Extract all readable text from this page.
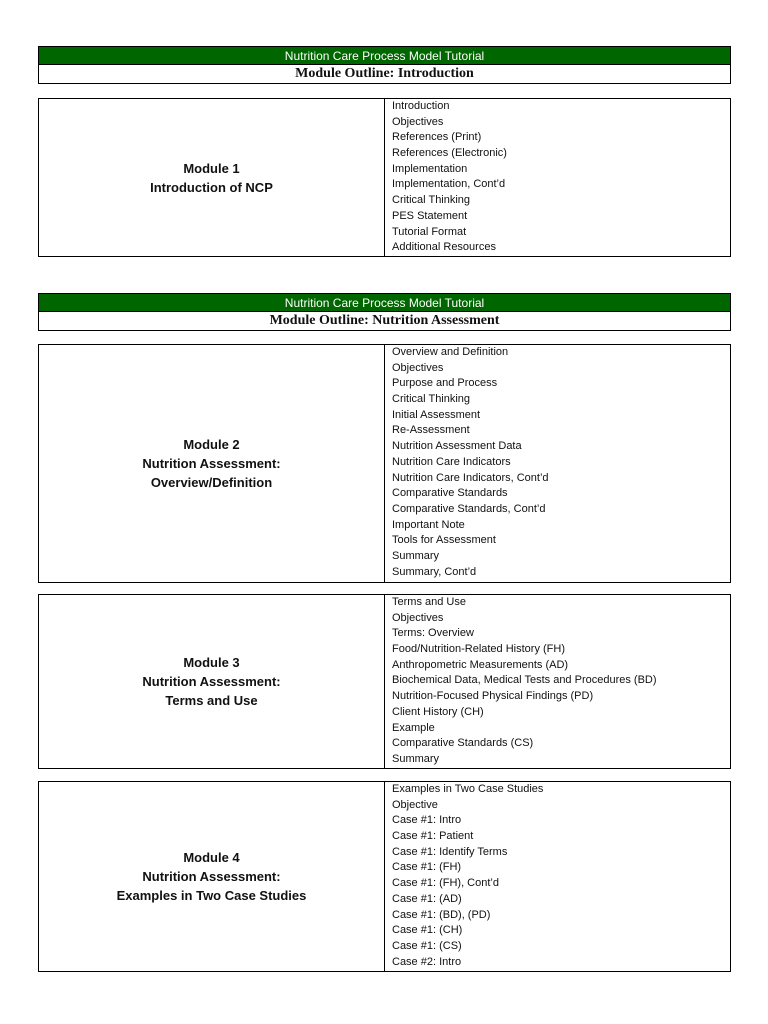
Nutrition Care Process Model Tutorial
Module Outline: Introduction
Module 1
Introduction of NCP
Introduction
Objectives
References (Print)
References (Electronic)
Implementation
Implementation, Cont’d
Critical Thinking
PES Statement
Tutorial Format
Additional Resources
Nutrition Care Process Model Tutorial
Module Outline: Nutrition Assessment
Module 2
Nutrition Assessment:
Overview/Definition
Overview and Definition
Objectives
Purpose and Process
Critical Thinking
Initial Assessment
Re-Assessment
Nutrition Assessment Data
Nutrition Care Indicators
Nutrition Care Indicators, Cont’d
Comparative Standards
Comparative Standards, Cont’d
Important Note
Tools for Assessment
Summary
Summary, Cont’d
Module 3
Nutrition Assessment:
Terms and Use
Terms and Use
Objectives
Terms: Overview
Food/Nutrition-Related History (FH)
Anthropometric Measurements (AD)
Biochemical Data, Medical Tests and Procedures (BD)
Nutrition-Focused Physical Findings (PD)
Client History (CH)
Example
Comparative Standards (CS)
Summary
Module 4
Nutrition Assessment:
Examples in Two Case Studies
Examples in Two Case Studies
Objective
Case #1: Intro
Case #1: Patient
Case #1: Identify Terms
Case #1: (FH)
Case #1: (FH), Cont’d
Case #1: (AD)
Case #1: (BD), (PD)
Case #1: (CH)
Case #1: (CS)
Case #2: Intro
